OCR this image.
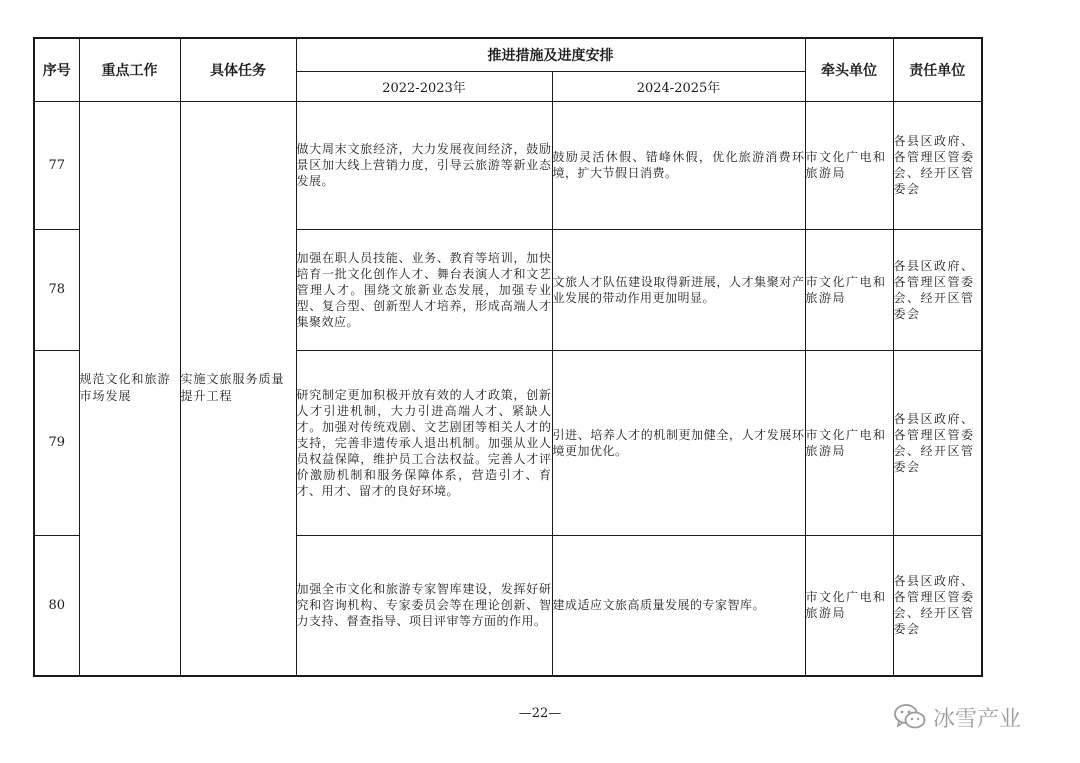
序号	重点工作	具体任务	推进措施及进度安排		牵头单位	责任单位
			2022-2023年	2024-2025年		
77	规范文化和旅游市场发展	实施文旅服务质量提升工程	做大周末文旅经济，大力发展夜间经济，鼓励景区加大线上营销力度，引导云旅游等新业态发展。	鼓励灵活休假、错峰休假，优化旅游消费环境，扩大节假日消费。	市文化广电和旅游局	各县区政府、各管理区管委会、经开区管委会
78			加强在职人员技能、业务、教育等培训，加快培育一批文化创作人才、舞台表演人才和文艺管理人才。围绕文旅新业态发展，加强专业型、复合型、创新型人才培养，形成高端人才集聚效应。	文旅人才队伍建设取得新进展，人才集聚对产业发展的带动作用更加明显。	市文化广电和旅游局	各县区政府、各管理区管委会、经开区管委会
79			研究制定更加积极开放有效的人才政策，创新人才引进机制，大力引进高端人才、紧缺人才。加强对传统戏剧、文艺剧团等相关人才的支持，完善非遗传承人退出机制。加强从业人员权益保障，维护员工合法权益。完善人才评价激励机制和服务保障体系，营造引才、育才、用才、留才的良好环境。	引进、培养人才的机制更加健全，人才发展环境更加优化。	市文化广电和旅游局	各县区政府、各管理区管委会、经开区管委会
80			加强全市文化和旅游专家智库建设，发挥好研究和咨询机构、专家委员会等在理论创新、智力支持、督查指导、项目评审等方面的作用。	建成适应文旅高质量发展的专家智库。	市文化广电和旅游局	各县区政府、各管理区管委会、经开区管委会
—22—	冰雪产业
